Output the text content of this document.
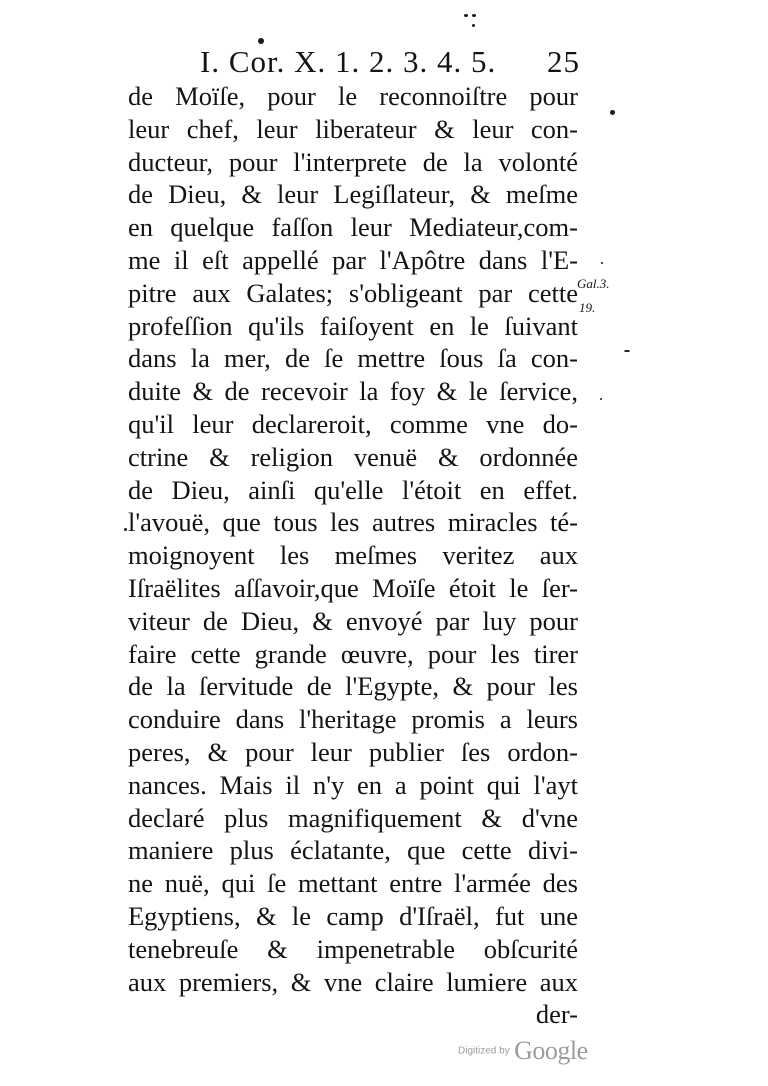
I. Cor. X. 1. 2. 3. 4. 5. 25
de Moïſe, pour le reconnoiſtre pour
leur chef, leur liberateur & leur con-
ducteur, pour l'interprete de la volonté
de Dieu, & leur Legiſlateur, & meſme
en quelque faſſon leur Mediateur,com-
me il eſt appellé par l'Apôtre dans l'E-
pitre aux Galates; s'obligeant par cette
profeſſion qu'ils faiſoyent en le ſuivant
dans la mer, de ſe mettre ſous ſa con-
duite & de recevoir la foy & le ſervice,
qu'il leur declareroit, comme vne do-
ctrine & religion venuë & ordonnée
de Dieu, ainſi qu'elle l'étoit en effet.
l'avouë, que tous les autres miracles té-
moignoyent les meſmes veritez aux
Iſraëlites aſſavoir,que Moïſe étoit le ſer-
viteur de Dieu, & envoyé par luy pour
faire cette grande œuvre, pour les tirer
de la ſervitude de l'Egypte, & pour les
conduire dans l'heritage promis a leurs
peres, & pour leur publier ſes ordon-
nances. Mais il n'y en a point qui l'ayt
declaré plus magnifiquement & d'vne
maniere plus éclatante, que cette divi-
ne nuë, qui ſe mettant entre l'armée des
Egyptiens, & le camp d'Iſraël, fut une
tenebreuſe & impenetrable obſcurité
aux premiers, & vne claire lumiere aux
der-
Gal.3.
19.
Digitized by Google
